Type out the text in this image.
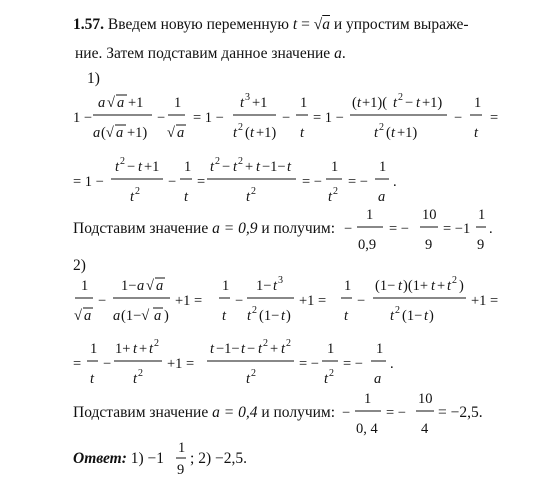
1.57. Введем новую переменную t = √a и упростим выраже-
ние. Затем подставим данное значение a.
1)
1 −
a √ a +1
a (√ a +1)
−
1
√ a
= 1 −
t 3 +1
t 2 ( t +1)
−
1
t
= 1 −
( t +1)( t 2 − t +1)
t 2 ( t +1)
−
1
t
=
= 1 −
t 2 − t +1
t 2
−
1
t
=
t 2 − t 2 + t −1− t
t 2
= −
1
t 2
= −
1
a
.
−
1
0,9
= −
10
9
= −1
1
9
.
1
√ a
−
1− a √ a
a (1−√ a )
+1 =
1
t
−
1− t 3
t 2 (1− t )
+1 =
1
t
−
(1− t )(1+ t + t 2 )
t 2 (1− t )
+1 =
=
1
t
−
1+ t + t 2
t 2
+1 =
t −1− t − t 2 + t 2
t 2
= −
1
t 2
= −
1
a
.
−
1
0, 4
= −
10
4
1
9
Подставим значение a = 0,9 и получим:
2)
Подставим значение a = 0,4 и получим:	= −2,5.
Ответ: 1) −1 ; 2) −2,5.
